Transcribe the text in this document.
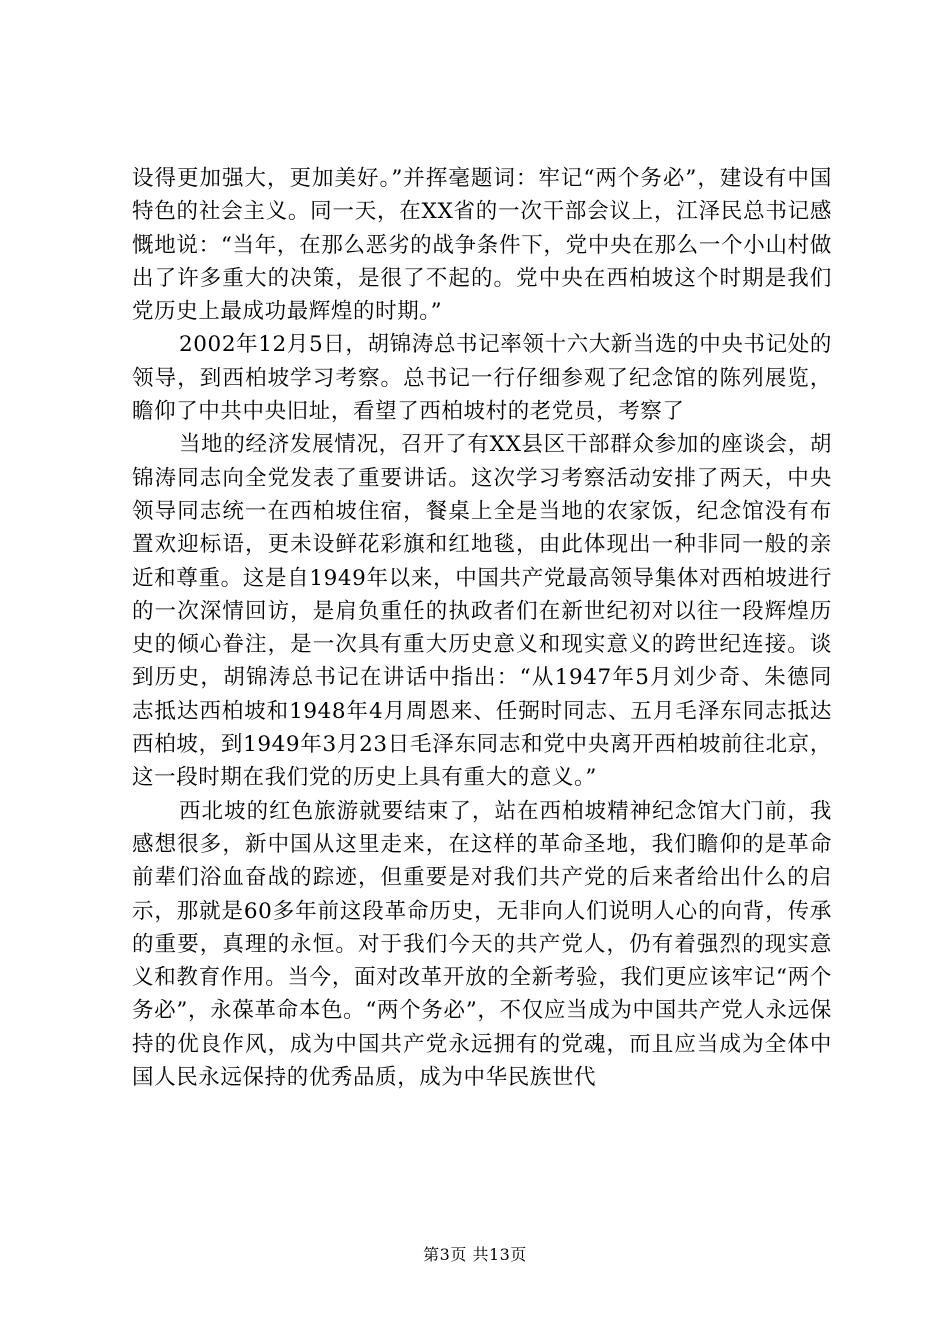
设得更加强大，更加美好。”并挥毫题词：牢记“两个务必”，建设有中国特色的社会主义。同一天，在XX省的一次干部会议上，江泽民总书记感慨地说：“当年，在那么恶劣的战争条件下，党中央在那么一个小山村做出了许多重大的决策，是很了不起的。党中央在西柏坡这个时期是我们党历史上最成功最辉煌的时期。”

2002年12月5日，胡锦涛总书记率领十六大新当选的中央书记处的领导，到西柏坡学习考察。总书记一行仔细参观了纪念馆的陈列展览，瞻仰了中共中央旧址，看望了西柏坡村的老党员，考察了

当地的经济发展情况，召开了有XX县区干部群众参加的座谈会，胡锦涛同志向全党发表了重要讲话。这次学习考察活动安排了两天，中央领导同志统一在西柏坡住宿，餐桌上全是当地的农家饭，纪念馆没有布置欢迎标语，更未设鲜花彩旗和红地毯，由此体现出一种非同一般的亲近和尊重。这是自1949年以来，中国共产党最高领导集体对西柏坡进行的一次深情回访，是肩负重任的执政者们在新世纪初对以往一段辉煌历史的倾心眷注，是一次具有重大历史意义和现实意义的跨世纪连接。谈到历史，胡锦涛总书记在讲话中指出：“从1947年5月刘少奇、朱德同志抵达西柏坡和1948年4月周恩来、任弼时同志、五月毛泽东同志抵达西柏坡，到1949年3月23日毛泽东同志和党中央离开西柏坡前往北京，这一段时期在我们党的历史上具有重大的意义。”

西北坡的红色旅游就要结束了，站在西柏坡精神纪念馆大门前，我感想很多，新中国从这里走来，在这样的革命圣地，我们瞻仰的是革命前辈们浴血奋战的踪迹，但重要是对我们共产党的后来者给出什么的启示，那就是60多年前这段革命历史，无非向人们说明人心的向背，传承的重要，真理的永恒。对于我们今天的共产党人，仍有着强烈的现实意义和教育作用。当今，面对改革开放的全新考验，我们更应该牢记“两个务必”，永葆革命本色。“两个务必”，不仅应当成为中国共产党人永远保持的优良作风，成为中国共产党永远拥有的党魂，而且应当成为全体中国人民永远保持的优秀品质，成为中华民族世代

第3页 共13页
